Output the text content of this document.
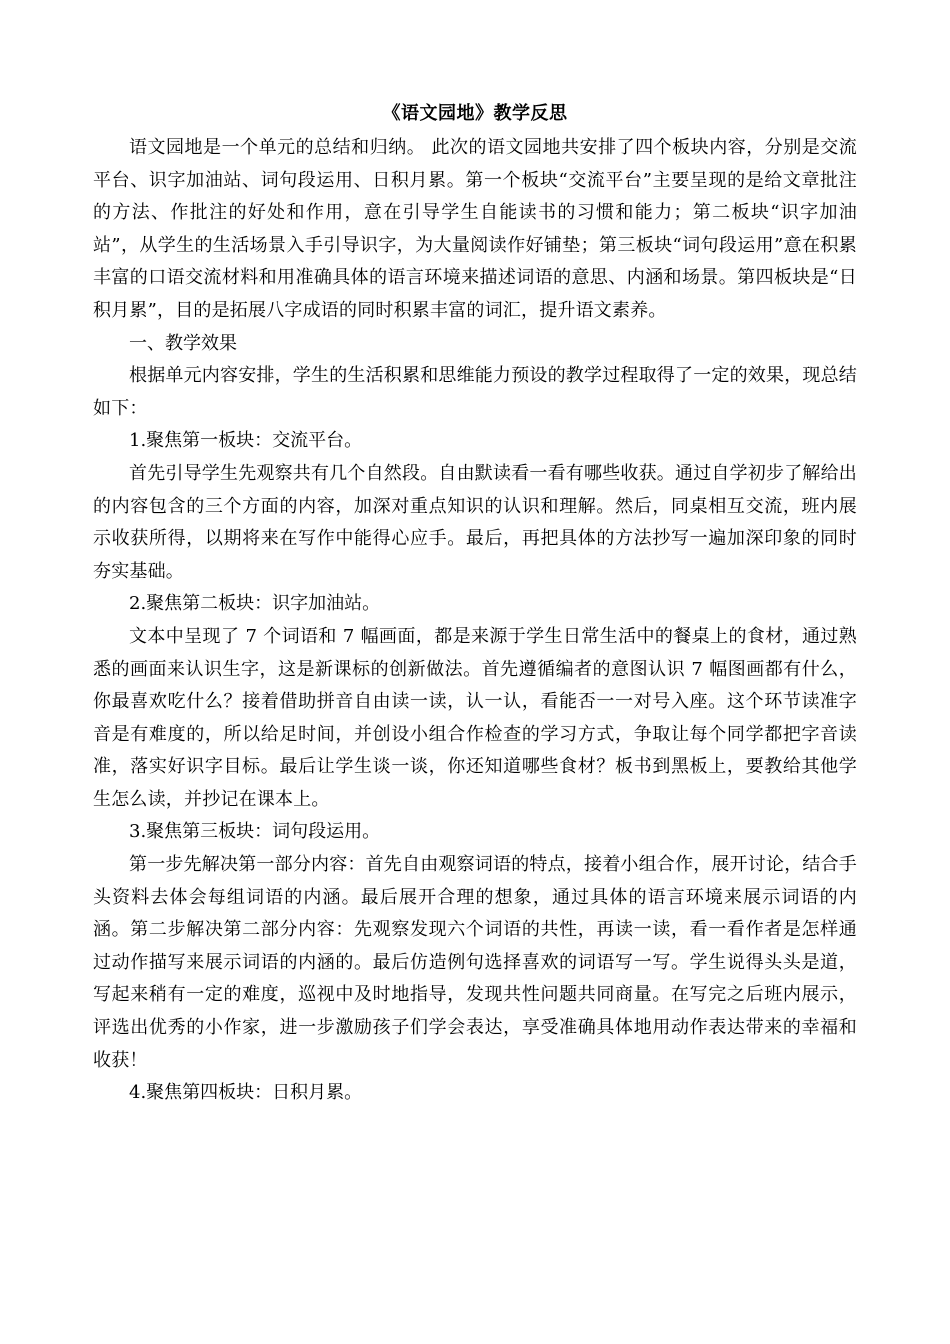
《语文园地》教学反思

语文园地是一个单元的总结和归纳。 此次的语文园地共安排了四个板块内容，分别是交流平台、识字加油站、词句段运用、日积月累。第一个板块“交流平台”主要呈现的是给文章批注的方法、作批注的好处和作用，意在引导学生自能读书的习惯和能力；第二板块“识字加油站”，从学生的生活场景入手引导识字，为大量阅读作好铺垫；第三板块“词句段运用”意在积累丰富的口语交流材料和用准确具体的语言环境来描述词语的意思、内涵和场景。第四板块是“日积月累”，目的是拓展八字成语的同时积累丰富的词汇，提升语文素养。

一、教学效果

根据单元内容安排，学生的生活积累和思维能力预设的教学过程取得了一定的效果，现总结如下：

1.聚焦第一板块：交流平台。

首先引导学生先观察共有几个自然段。自由默读看一看有哪些收获。通过自学初步了解给出的内容包含的三个方面的内容，加深对重点知识的认识和理解。然后，同桌相互交流，班内展示收获所得，以期将来在写作中能得心应手。最后，再把具体的方法抄写一遍加深印象的同时夯实基础。

2.聚焦第二板块：识字加油站。

文本中呈现了 7 个词语和 7 幅画面，都是来源于学生日常生活中的餐桌上的食材，通过熟悉的画面来认识生字，这是新课标的创新做法。首先遵循编者的意图认识 7 幅图画都有什么，你最喜欢吃什么？接着借助拼音自由读一读，认一认，看能否一一对号入座。这个环节读准字音是有难度的，所以给足时间，并创设小组合作检查的学习方式，争取让每个同学都把字音读准，落实好识字目标。最后让学生谈一谈，你还知道哪些食材？板书到黑板上，要教给其他学生怎么读，并抄记在课本上。

3.聚焦第三板块：词句段运用。

第一步先解决第一部分内容：首先自由观察词语的特点，接着小组合作，展开讨论，结合手头资料去体会每组词语的内涵。最后展开合理的想象，通过具体的语言环境来展示词语的内涵。第二步解决第二部分内容：先观察发现六个词语的共性，再读一读，看一看作者是怎样通过动作描写来展示词语的内涵的。最后仿造例句选择喜欢的词语写一写。学生说得头头是道，写起来稍有一定的难度，巡视中及时地指导，发现共性问题共同商量。在写完之后班内展示，评选出优秀的小作家，进一步激励孩子们学会表达，享受准确具体地用动作表达带来的幸福和收获！

4.聚焦第四板块：日积月累。
